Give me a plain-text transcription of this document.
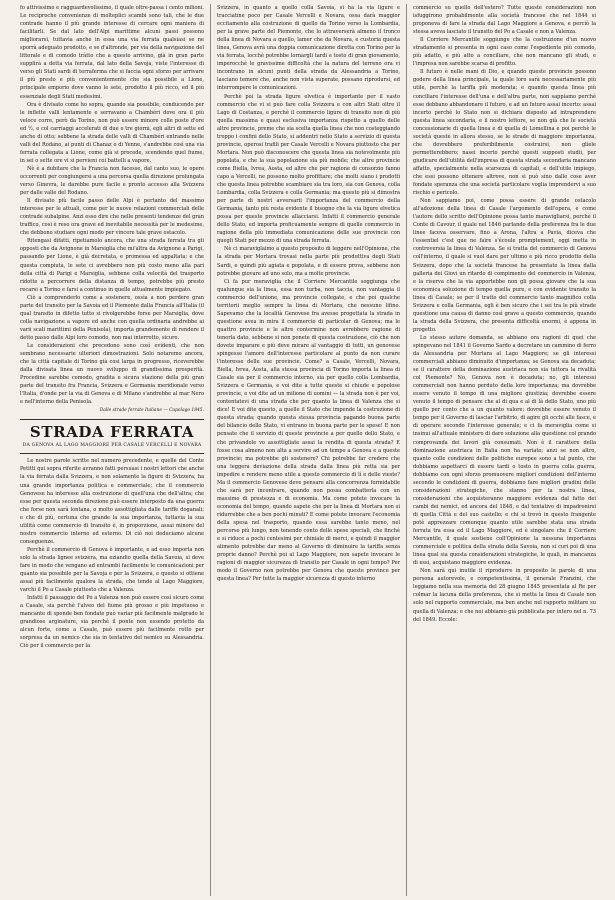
fo attivissimo e ragguardevolissimo, il quale oltre-passa i cento milioni. Le reciproche convenienze di molteplici scambi sono tali, che le due contrade hanno il più grande interesse di cercare ogni maniera di facilitarli. Se dal lato dell'Alpi marittime alcuni passi possono migliorarsi, tuttavia anche in essa una via ferrata qualsiasi se ne sporrà adeguato prodotto, e se d'altronde, per via della navigazione del littorale e di comodo tràtto che a questo arrivino, già in gran parte supplirà a detta via ferrata, dal lato della Savoja, viste l'interesse di verso gli Stati sardi di terraferma che si faccia ogni sforzo per arrivare il più presto e più convenientemente che sia possibile a Lione, principale emporio dove vanno le sete, prodotto il più ricco, ed il più essenziale degli Stati medesimi.

Ora è divisato come ho sopra, quando sia possibile, conducendo per le inflette valli lentamente e serravano a Chambéri dove ora il più veloce corre, però da Torino, non può essere minore colle poste d'ore ed ½, e col carriaggi accelerati di due o tre giorni, egli altri di sette ed anche di otto; sebbene la strada delle valli di Chambéri entrando nelle valli del Rodano, ai punti di Chanaz o di Yenne, s'andrebbe così una via ferrata collegata a Lione, come già si procede, scendendo quel fiume, in sei o sette ore vi si pervieni coi battelli a vapore.

Nè è a dubitare che la Francia non facesse, dal canto suo, le opere occorrenti per congiungersi a una percorsa quella direzione prolungata verso Ginevra, le darebbe pure facile e pronto accesso alla Svizzera per dalle valle del Rodano.

Il divisato più facile passo delle Alpi è pertanto del massimo interesse per le attuali, come per le nuove relazioni commerciali delle contrade subalpine. Anzi esso dire che nelle presenti tendenze del gran traffico, cosi è reso ora grave ed inevitabile necessità per le medesime, che debbono studiare ogni modo per vincere tale grave ostacolo.

Ritengasi difatti, ripetiamolo ancora, che una strada ferrata tra gli opposti che da Avignone in Marsiglia che mi'altra da Avignone a Parigi, passando per Lione, è già decretata, e promessa ed appaltata; e che questa compiuta, le sete ci avrebbero non più costo meno alla pari della città di Parigi e Marsiglia, sebbene colla velocità del trasporto ridotte a percorrere della distanza di tempo, potrebbe più presto recarsi a Torino e farsi a continuo in quelle attualmente impiegato.

Ciò a comprenderlo come a sostenere, ossia a non perdere gran parte del transito per la Savoia ed il Piemonte dalla Francia all'Italia (il qual transito in difetto tutto si rivolgerebbe forse per Marsiglia, dove colla navigazione a vapore ed anche con quella ordinaria andrebbe ai varii scali marittimi della Penisola), importa grandemente di rendere il detto passo dalle Alpi loro comodo, non mai interrotto, sicuro.

Le considerazioni che precedono sono così evidenti, che non sembrano necessarie ulteriori dimostrazioni. Solo notaremo ancora, che la città capitale di Torino già cosi larga in progresso, riceverebbe dalla divisata linea un nuovo sviluppo di grandissima prosperità. Procedine sarebbe comodo, gradita e sicura stazione della più gran parte del transito fra Francia, Svizzera e Germania meridionale verso l'Italia, d'onde per la via di Genova e di Milano s'andrebbe al mar Nero e nell'interno della Penisola.

Dalle strade ferrate Italiane — Capolago 1845.
STRADA FERRATA
DA GENOVA AL LAGO MAGGIORE PER CASALE VERCELLI E NOVARA

Le nostre parole scritte nel numero precedente, e quelle del Conte Petitti qui sopra riferite avranno fatti persuasi i nostri lettori che anche la via ferrata dalla Svizzera, e non solamente la figure di Svizzera, ha una grande importanza politica e commerciale; che il commercio Genovese ha interesse alla costruzione di quell'una che dell'altra; che esse per questa seconda direzione può essere interposto da una guerra che forse non sarà lontana, o molto assottigliata dalle tariffe doganali; e che di più, certuna che grande la sua importanza, tuttavia la sua utilità come commercio di transito è, in proporzione, assai minore del nostro commercio interno ed esterno. Di ciò noi deduciamo alcune conseguenze.

Perchè il commercio di Genova è importante, e ad esso importa non solo la strada lignee svizzera, ma eziandio quella della Savoia, si deve fare in modo che vengano ad entrambi facilmente le comunicazioni per quanto sia possibile per la Savoja e per la Svizzera, e questo si ottiene assai più facilmente qualora la strada, che tende al Lago Maggiore, varchi il Po a Casale piuttosto che a Valenza.

Infatti il passaggio del Po a Valenza non può essere così sicuro come a Casale, sia perchè l'alveo del fiume più grosso e più impetuoso e mancante di sponde ben fondate può variar più facilmente malgrado le grandiose arginature, sia perchè il ponte non essendo protetto da alcun forte, come a Casale, può essere più facilmente rotto per sorpresa da un nemico che sia in tentativo del nemico su Alessandria. Ciò per il commercio per la

Svizzera, in quanto a quello colla Savoia, si ha la via ligure e tracciatine poco per Casale Vercelli e Novara, ossa darà maggior eccitamento alla costruzione di quello da Torino verso la Lombardia, per la grave parte del Piemonte, che lo attraverserà almeno il tronco della linea di Novara a quello, lamer che da Novara, e custoria questa linea, Genova avrà una doppia comunicazione diretta con Torino per la via ferrata, locchè potrebbe lornargli tardi e tosto di gran giovamento, imperocchè le gravissime difficoltà che la natura del terreno ora vi incontrano in alcuni punti della strada da Alessandria a Torino, lasciano temere che, anche non vista superate, possano riprodursi, ed interrompere le comunicazioni.

Perchè poi la strada ligure elvetica è importante per il vasto commercio che vi si può fare colla Svizzera e con altri Stati oltre il Lago di Costanza, e perchè il commercio ligure di transito non di più quella massima e quasi esclusiva importanza rispetto a quello delle altre provincie, preme che sia scelta quella linea che non costeggiando troppo i confini dello Stato, si addentri nello Stato a servizio di questa provincie, operosi trafili per Casale Vercelli e Novara piuttosto che per Mortara. Non può disconoscere che questa linea sia notevolmente più popolata, e che la sua popolazione sia più mobile; che altre provincie come Biella, Ivrea, Aosta, ed altre che per ragione di consorzio fanno capo a Vercelli, ne possono molto profittare; che molti siano i prodotti che questa linea potrebbe scambiare sia tra loro, sia con Genova, colla Lombardia, colla Svizzera e colla Germania; ma questo più si dimostra per parte di nostri avversarii l'importanza del commercio della Germania, tanto più resta evidente il bisogno che la via ligure elvetica possa per queste provincie allacciarsi. Infatti il commercio generale dello Stato, ed importa proficuamente sempre di quelle commercio in ragione della più immediata comunicazione delle sue provincie con quegli Stati per mezzo di una strada ferrata.

Nè ci maraviglaimo a questo proposito di leggere nell'Opinione, che la strada per Mortara trovasi nella parte più produttiva degli Stati Sardi, e quindi più agiata e popolata, e di essere prova, sebbene non potrebbe giovare ad uno solo, ma a molte provincie.

Ci fa pur meraviglia che il Corriere Mercantile soggiunga che qualunque sia la linea, essa non turba, non taccia, non vantaggia il commercio dell'unione, ma provincie collegate, e che poi qualche territorii meglio sempre la linea di Mortara, che nessuno lifino. Sapevamo che la località Genovese fra avesse progettata la strada in questione avea in mira il commercio di particolar di Genova; ma le quattro provincie e le altre contermine non avrebbero ragione di tenerla dato, sebbene si non ponete di questa costruzione, ciò che non dovete imparare e più deve mirare al vantaggio di tutti, un genovese spingesse l'amore dell'interesse particolare al punto da non curare l'interesse delle sue provincie. Come? a Casale, Vercelli, Novara, Biella, Ivrea, Aosta, alla stessa provincia di Torino importa la linea di Casale sia per il commercio interno, sia per quello colla Lombardia, Svizzera e Germania, e voi dite a tutte queste si chiude e popolose provincie, e voi dite ad un milione di uomini — la strada non è per voi, contentatevi di una strada che per quanto la linea di Valenza che si dice! E voi dite questo, a quelle il Stato che impende la costruzione di questa strada; quando questa stessa provincia pagando buona parte del bilancio dello Stato, vi entrano in buona parte per le spese! E non pensate che il servizio di queste provincie a per quello dello Stato, e che privandole vo assottigliate assai la rendita di questa strada? E fosse cosa almeno non alta a servire ad un tempo a Genova e a queste provincie; ma potrebbe gli sostenere? Chi potrebbe far credere che una leggera deviazione della strada dalla linea più retta sia per impedire e rendere meno utile a questo commercio di lì e delle vieste? Ma il commercio Genovese deve pensare alla concorrenza formidabile che sarà per incontrare, quando non possa combatterla con un massimo di prestezza e di economia. Ma come potete invocare la economia del tempo, quando sapete che per la linea di Mortara non si ridurrebbe che a ben pochi minuti? E come potete invocare l'economia della spesa nel trasporto, quando essa sarebbe tanto meno, nel percorso più lungo, non tenendo conto delle spese speciali, che finchè e si riduce a pochi centesimi per chiniale di merci, e quindi il maggior alimento potrebbe dar meno al Governo di diminuire la tariffa senza proprie danno? Perchè poi al Lago Maggiore, non sapete invocare le ragioni di maggior sicurezza di transito per Casale in ogni tempo? Per modo il Governo non potrebbe per Genova che queste province per questa linea? Per tutte la maggior sicurezza di questo interno

commercio su quello dell'estero? Tutte queste considerazioni non isfuggirono probabilmente alla società francese che nel 1844 si proponeva di fare la strada dal Lago Maggiore a Genova, e perciò la stessa aveva lasciato il transito del Po a Casale e non a Valenza.

Il Corriere Mercantile soggiunge che la costruzione d'un nuovo stradamento si presenta in ogni caso come l'espediente più comodo, più adatto, e più atto a conciliare, che non mancano gli studi, e l'impresa non sarebbe scarsa di profitto.

Il futuro è nelle mani di Dio, e quando queste provincie possono godere della linea principale, la quale loro sarà necessariamente più utile, perchè la tariffa più moderata; e quando questa linea più conciliare l'interesse dell'una e dell'altra parte, non sappiamo perchè esse debbano abbandonare il futuro, e ad un futuro assai incerto: assai incerto perchè lo Stato non si dichiara disposto ad intraprendere questa linea secondaria, e il nostro lettore, se non già che le società concessionarie di quella linea e di quella di Lomellina e poi perchè le società queste in allora stesso, se le strade di maggiore importanza, che dovrebbero preferibilmente costruirsi, non gliele permetterebbero; nasei incerto perchè questi supposti studii, per giudicare dell'utilità dell'impresa di questa strada secondaria mancano affatto, specialmente nella scarsezza di capitali, e dell'utile impiego, che essi possono ottenere altrove, non si può sino dalle cose aver fondate speranza che una società particolare voglia imprendervi a suo rischio e pericolo.

Non sappiamo poi, come possa essere di grande ostacolo all'adozione della linea di Casale l'argomento dell'opera, e come l'autore dello scritto dell'Opinione possa tanto maravigliarsi, perchè il Conte di Cavour, il quale nel 1846 parlando della preferenza fra le due linee faceva osservare, fino a Arona, l'altra a Pavia, diceva che l'essentiel c'est que ne faire s'écoule promptement, oggi metta in controversia la linea di Valenza. Se si tratta del commercio di Genova coll'interno, il quale si vuol dare per ultimo e più ricco prodotto della Svizzera, dopo che la società francese ha presentato la linea dalla galleria dei Giovi un ritardo di compimento del commercio in Valenza, e la riserva che la via apportebbe non gli possa giovare che la sua economica soluzione di tempo quella pure, e con evidente transito la linea di Casale; se per il tratto del commercio tanto magnifico colla Svizzera e colla Germania, egli è ben sicuro che i sei tra le più strade questione una causa di danno così grave a questo commercio, quando la strada della Svizzera, che presenta difficoltà enormi, è appena in progetto.

Lo stesso autore domanda, se abbiano ora ragioni di quei che spingevano nel 1841 il Governo Sardo a decretare un cammino di ferro da Alessandria per Mortara al Lago Maggiore; se gli interessi commerciali abbiano diminuito d'importanza; se Genova sia decaduta; se il carattere della dominazione austriaca non sia tuttora la rivalità col Piemonte? No, Genova non è decaduta; no, gli interessi commerciali non hanno perduto della loro importanza; ma dovrebbe essere venuto il tempo di una migliore giustizia; dovrebbe essere venuto il tempo di pensare che al di qua e al di là dello Stato, uno più quello per conto che a un quanto valore; dovrebbe essere venuto il tempo per il Governo di lasciar l'arbitrio, di agire gli occhi alle fasce, e di operare secondo l'interesse generale; e ci fa meraviglia come si insinui all'attuale ministero di dare soluzione alla questione col prando comprovanda dei lavori già consumati. Non è il carattere della dominazione austriaca in Italia non ha variato; anzi se non altro, quanto colle condizioni delle politiche europee sono a tal punto, che dobbiamo aspettarci di essere tardi o tosto in guerra colla guerra, dobbiamo con ogni sforzo promuovere migliori condizioni dell'interno secondo le condizioni di guerra, dobbiamo fare migliori gradini delle considerazioni strategiche, che stanno per la nostra linea, considerazioni che acquisteranno maggiore evidenza dal fatto dei cambi dei nemici, ed ancora del 1848, e dal tentativo di impadronirsi di quella Città e del suo castello; e chi si trovò in questo frangente potè apprezzare comunque quanto utile sarebbe stata una strada ferrata tra essa ed il Lago Maggiore, ed è singolare che il Corriere Mercantile, il quale sostiene coll'Opinione la nessuna importanza commerciale e politica della strada della Savoia, non si curi poi di una linea qual sia questa considerazioni strategiche, le quali, in mancanza di essi, acquistano maggiore evidenza.

Non sarà qui inutile il riprodurre in proposito le parole di una persona autorevole, e competentissima, il generale Franzini, che leggiamo nella sua memoria del 28 giugno 1845 presentata al Re per colmar la lacuna della preferenza, che si metta la linea di Casale non solo nel rapporto commerciale, ma ben anche nel rapporto militare su quella di Valenza; e che noi abbiamo già pubblicata per intero nel n. 73 del 1849. Eccole:
